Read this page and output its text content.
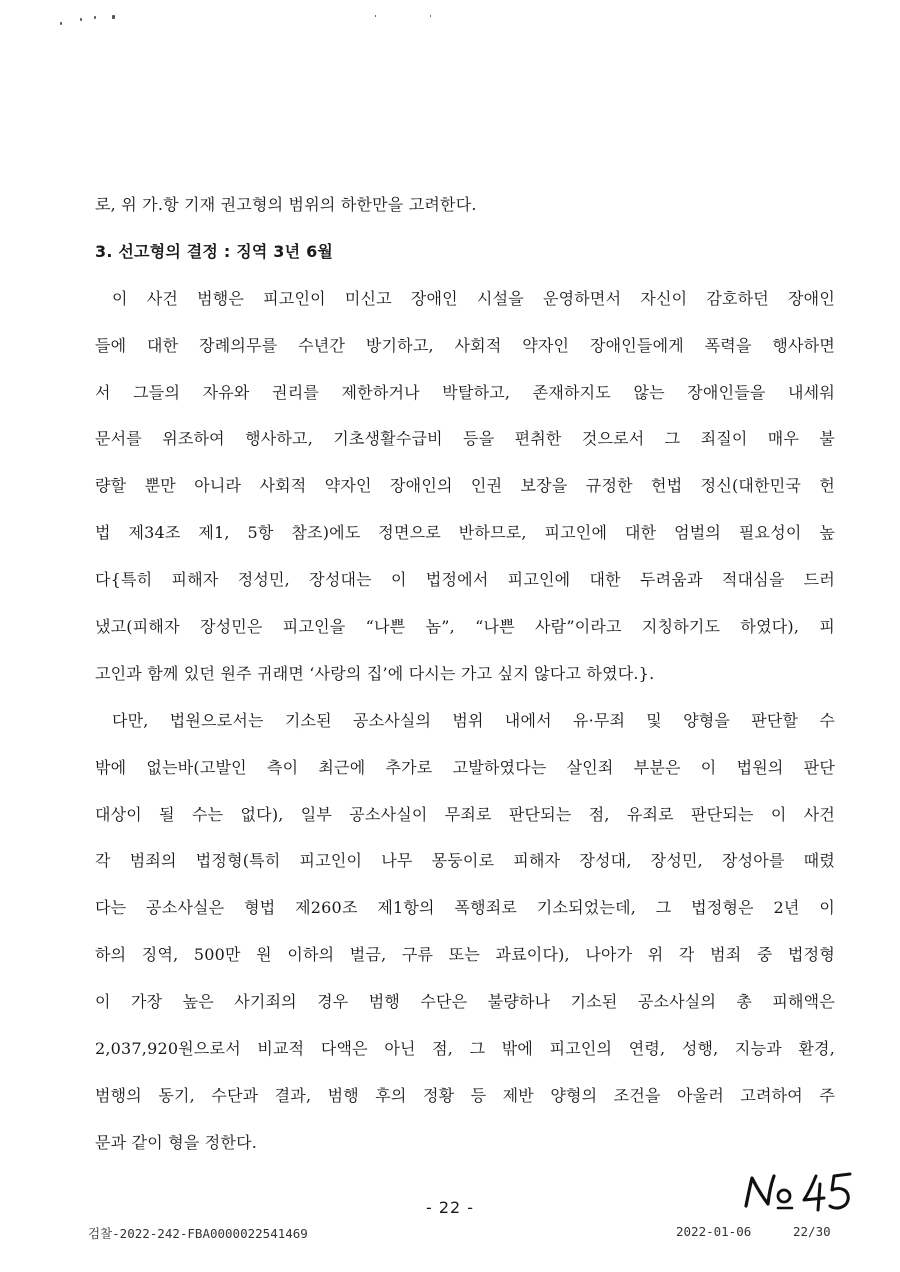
로, 위 가.항 기재 권고형의 범위의 하한만을 고려한다.
3. 선고형의 결정 : 징역 3년 6월
이 사건 범행은 피고인이 미신고 장애인 시설을 운영하면서 자신이 감호하던 장애인
들에 대한 장례의무를 수년간 방기하고, 사회적 약자인 장애인들에게 폭력을 행사하면
서 그들의 자유와 권리를 제한하거나 박탈하고, 존재하지도 않는 장애인들을 내세워
문서를 위조하여 행사하고, 기초생활수급비 등을 편취한 것으로서 그 죄질이 매우 불
량할 뿐만 아니라 사회적 약자인 장애인의 인권 보장을 규정한 헌법 정신(대한민국 헌
법 제34조 제1, 5항 참조)에도 정면으로 반하므로, 피고인에 대한 엄벌의 필요성이 높
다{특히 피해자 정성민, 장성대는 이 법정에서 피고인에 대한 두려움과 적대심을 드러
냈고(피해자 장성민은 피고인을 “나쁜 놈”, “나쁜 사람”이라고 지칭하기도 하였다), 피
고인과 함께 있던 원주 귀래면 ‘사랑의 집’에 다시는 가고 싶지 않다고 하였다.}.
다만, 법원으로서는 기소된 공소사실의 범위 내에서 유·무죄 및 양형을 판단할 수
밖에 없는바(고발인 측이 최근에 추가로 고발하였다는 살인죄 부분은 이 법원의 판단
대상이 될 수는 없다), 일부 공소사실이 무죄로 판단되는 점, 유죄로 판단되는 이 사건
각 범죄의 법정형(특히 피고인이 나무 몽둥이로 피해자 장성대, 장성민, 장성아를 때렸
다는 공소사실은 형법 제260조 제1항의 폭행죄로 기소되었는데, 그 법정형은 2년 이
하의 징역, 500만 원 이하의 벌금, 구류 또는 과료이다), 나아가 위 각 범죄 중 법정형
이 가장 높은 사기죄의 경우 범행 수단은 불량하나 기소된 공소사실의 총 피해액은
2,037,920원으로서 비교적 다액은 아닌 점, 그 밖에 피고인의 연령, 성행, 지능과 환경,
범행의 동기, 수단과 결과, 범행 후의 정황 등 제반 양형의 조건을 아울러 고려하여 주
문과 같이 형을 정한다.
- 22 -
검찰-2022-242-FBA0000022541469	2022-01-06	22/30
